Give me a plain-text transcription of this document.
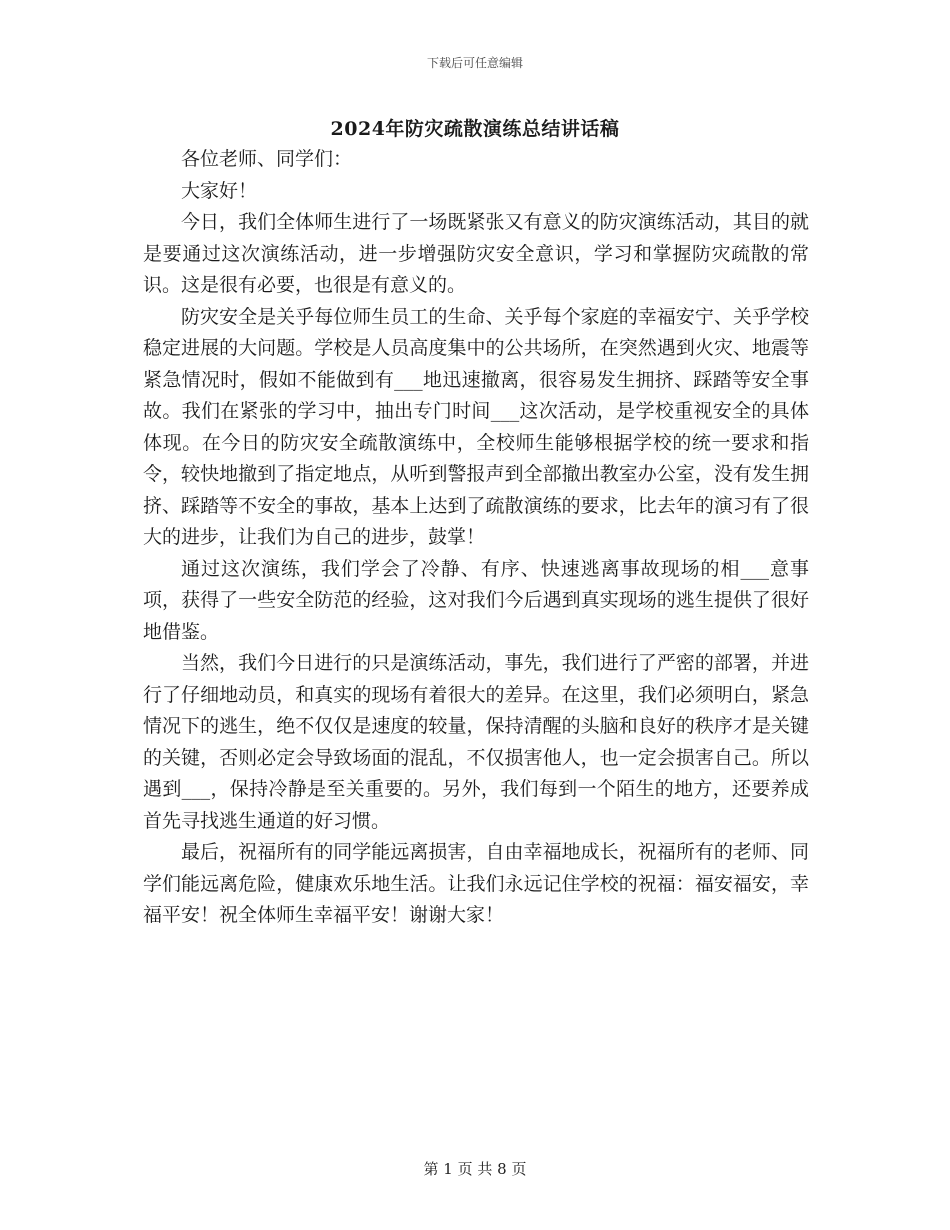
下载后可任意编辑
2024年防灾疏散演练总结讲话稿

各位老师、同学们：

大家好！

今日，我们全体师生进行了一场既紧张又有意义的防灾演练活动，其目的就是要通过这次演练活动，进一步增强防灾安全意识，学习和掌握防灾疏散的常识。这是很有必要，也很是有意义的。

防灾安全是关乎每位师生员工的生命、关乎每个家庭的幸福安宁、关乎学校稳定进展的大问题。学校是人员高度集中的公共场所，在突然遇到火灾、地震等紧急情况时，假如不能做到有___地迅速撤离，很容易发生拥挤、踩踏等安全事故。我们在紧张的学习中，抽出专门时间___这次活动，是学校重视安全的具体体现。在今日的防灾安全疏散演练中，全校师生能够根据学校的统一要求和指令，较快地撤到了指定地点，从听到警报声到全部撤出教室办公室，没有发生拥挤、踩踏等不安全的事故，基本上达到了疏散演练的要求，比去年的演习有了很大的进步，让我们为自己的进步，鼓掌！

通过这次演练，我们学会了冷静、有序、快速逃离事故现场的相___意事项，获得了一些安全防范的经验，这对我们今后遇到真实现场的逃生提供了很好地借鉴。

当然，我们今日进行的只是演练活动，事先，我们进行了严密的部署，并进行了仔细地动员，和真实的现场有着很大的差异。在这里，我们必须明白，紧急情况下的逃生，绝不仅仅是速度的较量，保持清醒的头脑和良好的秩序才是关键的关键，否则必定会导致场面的混乱，不仅损害他人，也一定会损害自己。所以遇到___，保持冷静是至关重要的。另外，我们每到一个陌生的地方，还要养成首先寻找逃生通道的好习惯。

最后，祝福所有的同学能远离损害，自由幸福地成长，祝福所有的老师、同学们能远离危险，健康欢乐地生活。让我们永远记住学校的祝福：福安福安，幸福平安！祝全体师生幸福平安！谢谢大家！

第 1 页 共 8 页
